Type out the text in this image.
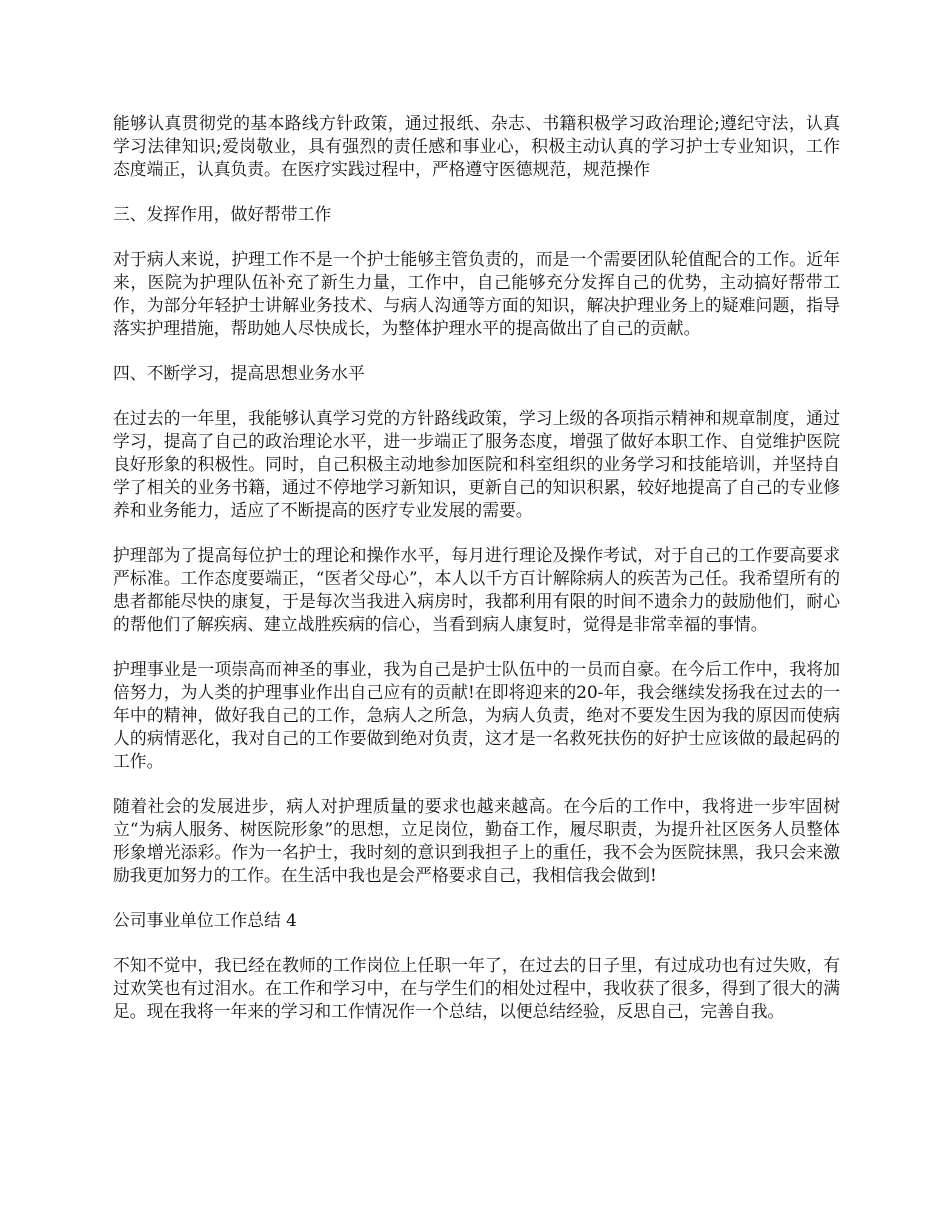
能够认真贯彻党的基本路线方针政策，通过报纸、杂志、书籍积极学习政治理论;遵纪守法，认真学习法律知识;爱岗敬业，具有强烈的责任感和事业心，积极主动认真的学习护士专业知识，工作态度端正，认真负责。在医疗实践过程中，严格遵守医德规范，规范操作

三、发挥作用，做好帮带工作

对于病人来说，护理工作不是一个护士能够主管负责的，而是一个需要团队轮值配合的工作。近年来，医院为护理队伍补充了新生力量，工作中，自己能够充分发挥自己的优势，主动搞好帮带工作，为部分年轻护士讲解业务技术、与病人沟通等方面的知识，解决护理业务上的疑难问题，指导落实护理措施，帮助她人尽快成长，为整体护理水平的提高做出了自己的贡献。

四、不断学习，提高思想业务水平

在过去的一年里，我能够认真学习党的方针路线政策，学习上级的各项指示精神和规章制度，通过学习，提高了自己的政治理论水平，进一步端正了服务态度，增强了做好本职工作、自觉维护医院良好形象的积极性。同时，自己积极主动地参加医院和科室组织的业务学习和技能培训，并坚持自学了相关的业务书籍，通过不停地学习新知识，更新自己的知识积累，较好地提高了自己的专业修养和业务能力，适应了不断提高的医疗专业发展的需要。

护理部为了提高每位护士的理论和操作水平，每月进行理论及操作考试，对于自己的工作要高要求严标准。工作态度要端正，“医者父母心”，本人以千方百计解除病人的疾苦为己任。我希望所有的患者都能尽快的康复，于是每次当我进入病房时，我都利用有限的时间不遗余力的鼓励他们，耐心的帮他们了解疾病、建立战胜疾病的信心，当看到病人康复时，觉得是非常幸福的事情。

护理事业是一项崇高而神圣的事业，我为自己是护士队伍中的一员而自豪。在今后工作中，我将加倍努力，为人类的护理事业作出自己应有的贡献!在即将迎来的20-年，我会继续发扬我在过去的一年中的精神，做好我自己的工作，急病人之所急，为病人负责，绝对不要发生因为我的原因而使病人的病情恶化，我对自己的工作要做到绝对负责，这才是一名救死扶伤的好护士应该做的最起码的工作。

随着社会的发展进步，病人对护理质量的要求也越来越高。在今后的工作中，我将进一步牢固树立“为病人服务、树医院形象”的思想，立足岗位，勤奋工作，履尽职责，为提升社区医务人员整体形象增光添彩。作为一名护士，我时刻的意识到我担子上的重任，我不会为医院抹黑，我只会来激励我更加努力的工作。在生活中我也是会严格要求自己，我相信我会做到!

公司事业单位工作总结 4

不知不觉中，我已经在教师的工作岗位上任职一年了，在过去的日子里，有过成功也有过失败，有过欢笑也有过泪水。在工作和学习中，在与学生们的相处过程中，我收获了很多，得到了很大的满足。现在我将一年来的学习和工作情况作一个总结，以便总结经验，反思自己，完善自我。
